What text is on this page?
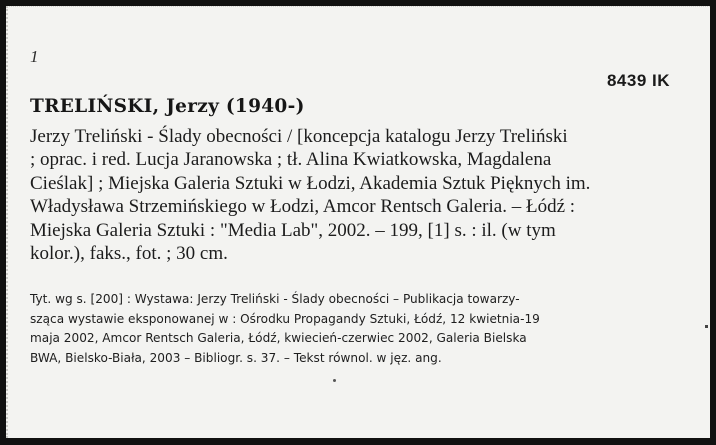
1
8439 IK
TRELIŃSKI, Jerzy (1940-)
Jerzy Treliński - Ślady obecności / [koncepcja katalogu Jerzy Treliński
; oprac. i red. Lucja Jaranowska ; tł. Alina Kwiatkowska, Magdalena
Cieślak] ; Miejska Galeria Sztuki w Łodzi, Akademia Sztuk Pięknych im.
Władysława Strzemińskiego w Łodzi, Amcor Rentsch Galeria. – Łódź :
Miejska Galeria Sztuki : "Media Lab", 2002. – 199, [1] s. : il. (w tym
kolor.), faks., fot. ; 30 cm.
Tyt. wg s. [200] : Wystawa: Jerzy Treliński - Ślady obecności – Publikacja towarzy-
sząca wystawie eksponowanej w : Ośrodku Propagandy Sztuki, Łódź, 12 kwietnia-19
maja 2002, Amcor Rentsch Galeria, Łódź, kwiecień-czerwiec 2002, Galeria Bielska
BWA, Bielsko-Biała, 2003 – Bibliogr. s. 37. – Tekst równol. w jęz. ang.
